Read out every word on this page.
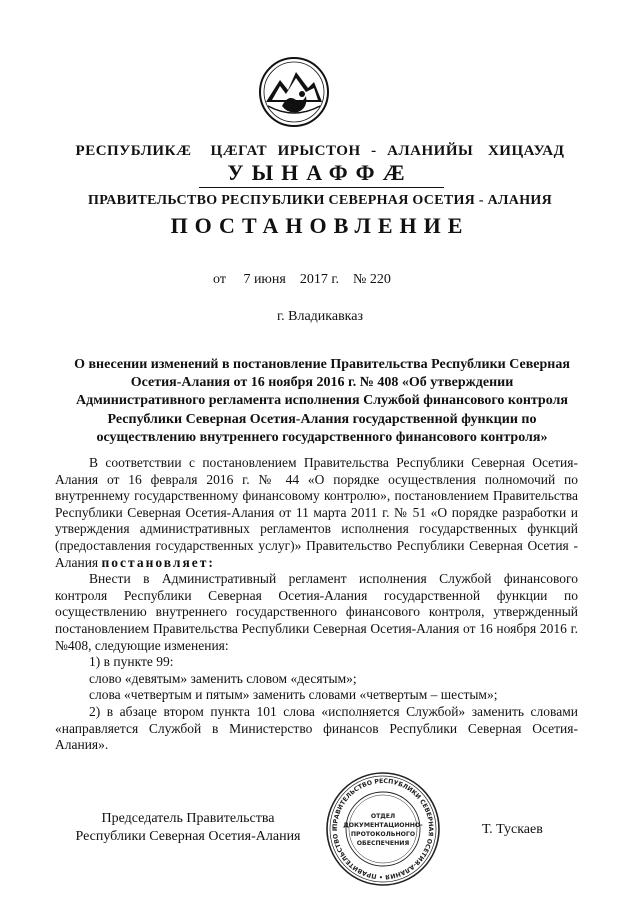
РЕСПУБЛИКӔ ЦӔГАТ ИРЫСТОН - АЛАНИЙЫ ХИЦАУАД
УЫНАФФӔ
ПРАВИТЕЛЬСТВО РЕСПУБЛИКИ СЕВЕРНАЯ ОСЕТИЯ - АЛАНИЯ
ПОСТАНОВЛЕНИЕ
от 7 июня 2017 г. № 220
г. Владикавказ
О внесении изменений в постановление Правительства Республики Северная Осетия-Алания от 16 ноября 2016 г. № 408 «Об утверждении Административного регламента исполнения Службой финансового контроля Республики Северная Осетия-Алания государственной функции по осуществлению внутреннего государственного финансового контроля»

В соответствии с постановлением Правительства Республики Северная Осетия-Алания от 16 февраля 2016 г. № 44 «О порядке осуществления полномочий по внутреннему государственному финансовому контролю», постановлением Правительства Республики Северная Осетия-Алания от 11 марта 2011 г. № 51 «О порядке разработки и утверждения административных регламентов исполнения государственных функций (предоставления государственных услуг)» Правительство Республики Северная Осетия - Алания постановляет:

Внести в Административный регламент исполнения Службой финансового контроля Республики Северная Осетия-Алания государственной функции по осуществлению внутреннего государственного финансового контроля, утвержденный постановлением Правительства Республики Северная Осетия-Алания от 16 ноября 2016 г. №408, следующие изменения:

1) в пункте 99:

слово «девятым» заменить словом «десятым»;

слова «четвертым и пятым» заменить словами «четвертым – шестым»;

2) в абзаце втором пункта 101 слова «исполняется Службой» заменить словами «направляется Службой в Министерство финансов Республики Северная Осетия-Алания».

Председатель Правительства
Республики Северная Осетия-Алания
ПРАВИТЕЛЬСТВО РЕСПУБЛИКИ СЕВЕРНАЯ ОСЕТИЯ-АЛАНИЯ • ПРАВИТЕЛЬСТВО Р
ОТДЕЛ
ДОКУМЕНТАЦИОННО-
ПРОТОКОЛЬНОГО
ОБЕСПЕЧЕНИЯ
Т. Тускаев
